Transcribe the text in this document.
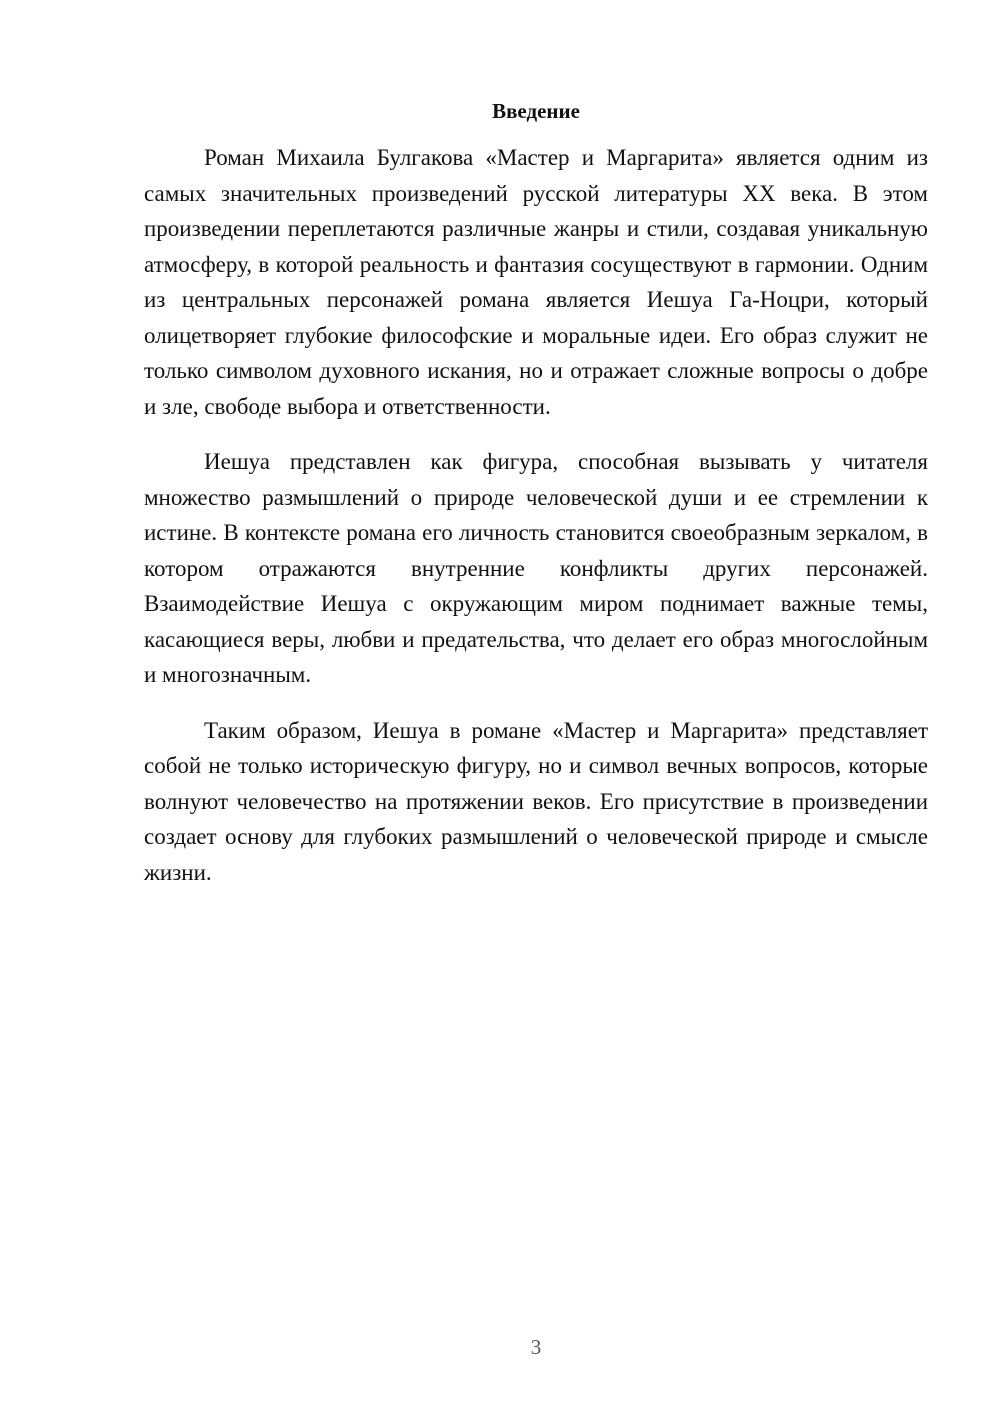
Введение

Роман Михаила Булгакова «Мастер и Маргарита» является одним из самых значительных произведений русской литературы XX века. В этом произведении переплетаются различные жанры и стили, создавая уникальную атмосферу, в которой реальность и фантазия сосуществуют в гармонии. Одним из центральных персонажей романа является Иешуа Га-Ноцри, который олицетворяет глубокие философские и моральные идеи. Его образ служит не только символом духовного искания, но и отражает сложные вопросы о добре и зле, свободе выбора и ответственности.

Иешуа представлен как фигура, способная вызывать у читателя множество размышлений о природе человеческой души и ее стремлении к истине. В контексте романа его личность становится своеобразным зеркалом, в котором отражаются внутренние конфликты других персонажей. Взаимодействие Иешуа с окружающим миром поднимает важные темы, касающиеся веры, любви и предательства, что делает его образ многослойным и многозначным.

Таким образом, Иешуа в романе «Мастер и Маргарита» представляет собой не только историческую фигуру, но и символ вечных вопросов, которые волнуют человечество на протяжении веков. Его присутствие в произведении создает основу для глубоких размышлений о человеческой природе и смысле жизни.

3
